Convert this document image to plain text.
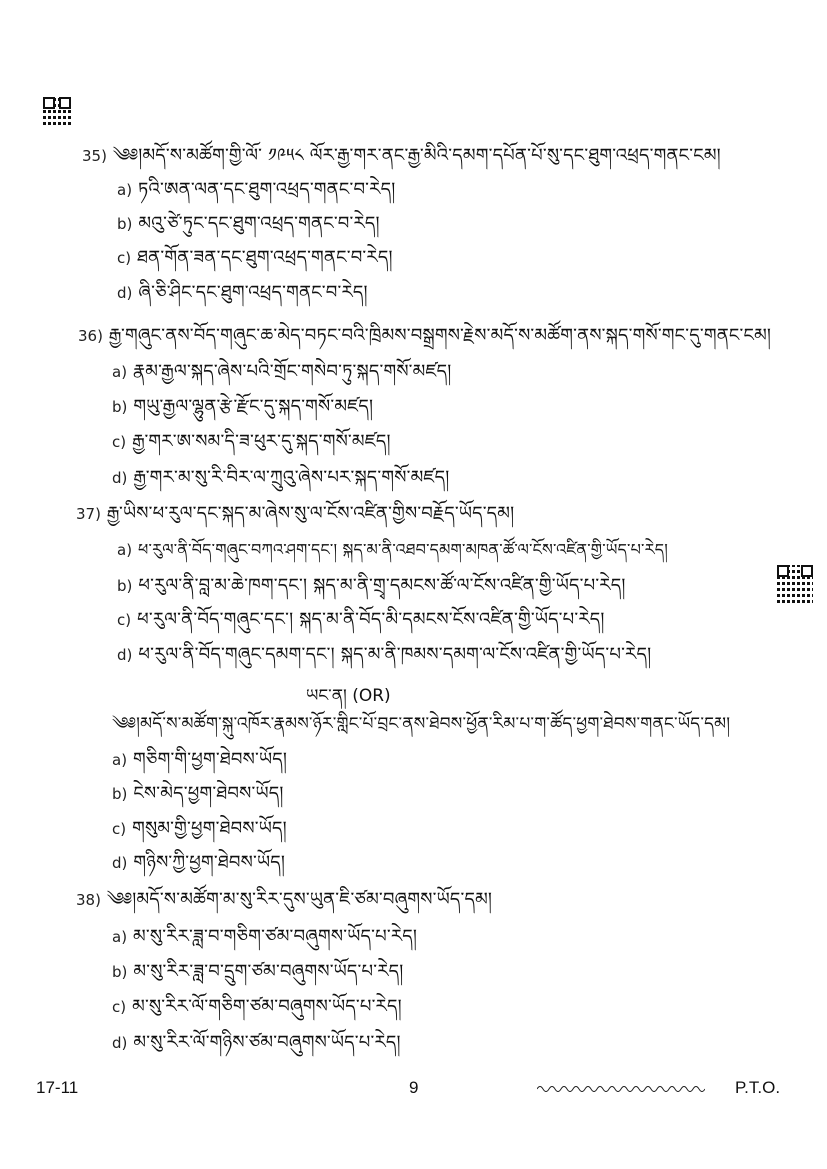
35) ༄༅།མདོ་ས་མཚོག་གྱི་ལོ་ ༡༩༥༨ ལོར་རྒྱ་གར་ནང་རྒྱ་མིའི་དམག་དཔོན་པོ་སུ་དང་ཐུག་འཕྲད་གནང་ངམ།
a) ཏའི་ཨན་ལན་དང་ཐུག་འཕྲད་གནང་བ་རེད།
b) མའུ་ཙེ་ཏུང་དང་ཐུག་འཕྲད་གནང་བ་རེད།
c) ཐན་གོན་ཟན་དང་ཐུག་འཕྲད་གནང་བ་རེད།
d) ཞི་ཅི་ཤིང་དང་ཐུག་འཕྲད་གནང་བ་རེད།
36) རྒྱ་གཞུང་ནས་བོད་གཞུང་ཆ་མེད་བཏང་བའི་ཁྲིམས་བསྒྲགས་རྗེས་མདོ་ས་མཚོག་ནས་སྐད་གསོ་གང་དུ་གནང་ངམ།
a) རྣམ་རྒྱལ་སྐད་ཞེས་པའི་གྲོང་གསེབ་ཏུ་སྐད་གསོ་མཛད།
b) གཡུ་རྒྱལ་ལྷུན་རྩེ་རྫོང་དུ་སྐད་གསོ་མཛད།
c) རྒྱ་གར་ཨ་སམ་དི་ཟ་ཕུར་དུ་སྐད་གསོ་མཛད།
d) རྒྱ་གར་མ་སུ་རི་བིར་ལ་ཀྲུའུ་ཞེས་པར་སྐད་གསོ་མཛད།
37) རྒྱ་ཡིས་ཕ་རུལ་དང་སྐད་མ་ཞེས་སུ་ལ་ངོས་འཛིན་གྱིས་བརྗོད་ཡོད་དམ།
a) ཕ་རུལ་ནི་བོད་གཞུང་བཀའ་ཤག་དང་། སྐད་མ་ནི་འཐབ་དམག་མཁན་ཚོ་ལ་ངོས་འཛིན་གྱི་ཡོད་པ་རེད།
b) ཕ་རུལ་ནི་བླ་མ་ཆེ་ཁག་དང་། སྐད་མ་ནི་གྲྭ་དམངས་ཚོ་ལ་ངོས་འཛིན་གྱི་ཡོད་པ་རེད།
c) ཕ་རུལ་ནི་བོད་གཞུང་དང་། སྐད་མ་ནི་བོད་མི་དམངས་ངོས་འཛིན་གྱི་ཡོད་པ་རེད།
d) ཕ་རུལ་ནི་བོད་གཞུང་དམག་དང་། སྐད་མ་ནི་ཁམས་དམག་ལ་ངོས་འཛིན་གྱི་ཡོད་པ་རེད།
ཡང་ན། (OR)
༄༅།མདོ་ས་མཚོག་སྐུ་འཁོར་རྣམས་ཉོར་གླིང་པོ་བྲང་ནས་ཐེབས་ཕྱོན་རིམ་པ་ག་ཚོད་ཕྱག་ཐེབས་གནང་ཡོད་དམ།
a) གཅིག་གི་ཕྱག་ཐེབས་ཡོད།
b) ངེས་མེད་ཕྱག་ཐེབས་ཡོད།
c) གསུམ་གྱི་ཕྱག་ཐེབས་ཡོད།
d) གཉིས་ཀྱི་ཕྱག་ཐེབས་ཡོད།
38) ༄༅།མདོ་ས་མཚོག་མ་སུ་རིར་དུས་ཡུན་ཇི་ཙམ་བཞུགས་ཡོད་དམ།
a) མ་སུ་རིར་ཟླ་བ་གཅིག་ཙམ་བཞུགས་ཡོད་པ་རེད།
b) མ་སུ་རིར་ཟླ་བ་དྲུག་ཙམ་བཞུགས་ཡོད་པ་རེད།
c) མ་སུ་རིར་ལོ་གཅིག་ཙམ་བཞུགས་ཡོད་པ་རེད།
d) མ་སུ་རིར་ལོ་གཉིས་ཙམ་བཞུགས་ཡོད་པ་རེད།
17-11	9	P.T.O.
